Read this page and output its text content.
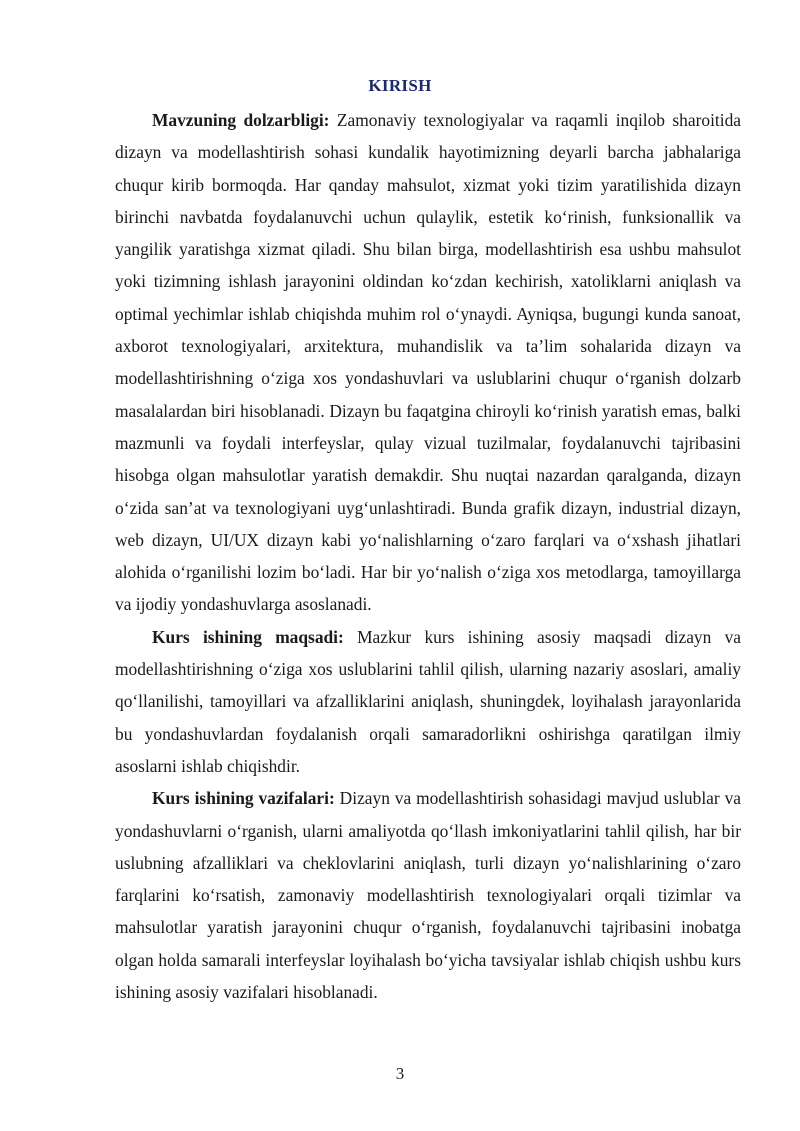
KIRISH

Mavzuning dolzarbligi: Zamonaviy texnologiyalar va raqamli inqilob sharoitida dizayn va modellashtirish sohasi kundalik hayotimizning deyarli barcha jabhalariga chuqur kirib bormoqda. Har qanday mahsulot, xizmat yoki tizim yaratilishida dizayn birinchi navbatda foydalanuvchi uchun qulaylik, estetik ko‘rinish, funksionallik va yangilik yaratishga xizmat qiladi. Shu bilan birga, modellashtirish esa ushbu mahsulot yoki tizimning ishlash jarayonini oldindan ko‘zdan kechirish, xatoliklarni aniqlash va optimal yechimlar ishlab chiqishda muhim rol o‘ynaydi. Ayniqsa, bugungi kunda sanoat, axborot texnologiyalari, arxitektura, muhandislik va ta’lim sohalarida dizayn va modellashtirishning o‘ziga xos yondashuvlari va uslublarini chuqur o‘rganish dolzarb masalalardan biri hisoblanadi. Dizayn bu faqatgina chiroyli ko‘rinish yaratish emas, balki mazmunli va foydali interfeyslar, qulay vizual tuzilmalar, foydalanuvchi tajribasini hisobga olgan mahsulotlar yaratish demakdir. Shu nuqtai nazardan qaralganda, dizayn o‘zida san’at va texnologiyani uyg‘unlashtiradi. Bunda grafik dizayn, industrial dizayn, web dizayn, UI/UX dizayn kabi yo‘nalishlarning o‘zaro farqlari va o‘xshash jihatlari alohida o‘rganilishi lozim bo‘ladi. Har bir yo‘nalish o‘ziga xos metodlarga, tamoyillarga va ijodiy yondashuvlarga asoslanadi.

Kurs ishining maqsadi: Mazkur kurs ishining asosiy maqsadi dizayn va modellashtirishning o‘ziga xos uslublarini tahlil qilish, ularning nazariy asoslari, amaliy qo‘llanilishi, tamoyillari va afzalliklarini aniqlash, shuningdek, loyihalash jarayonlarida bu yondashuvlardan foydalanish orqali samaradorlikni oshirishga qaratilgan ilmiy asoslarni ishlab chiqishdir.

Kurs ishining vazifalari: Dizayn va modellashtirish sohasidagi mavjud uslublar va yondashuvlarni o‘rganish, ularni amaliyotda qo‘llash imkoniyatlarini tahlil qilish, har bir uslubning afzalliklari va cheklovlarini aniqlash, turli dizayn yo‘nalishlarining o‘zaro farqlarini ko‘rsatish, zamonaviy modellashtirish texnologiyalari orqali tizimlar va mahsulotlar yaratish jarayonini chuqur o‘rganish, foydalanuvchi tajribasini inobatga olgan holda samarali interfeyslar loyihalash bo‘yicha tavsiyalar ishlab chiqish ushbu kurs ishining asosiy vazifalari hisoblanadi.

3
